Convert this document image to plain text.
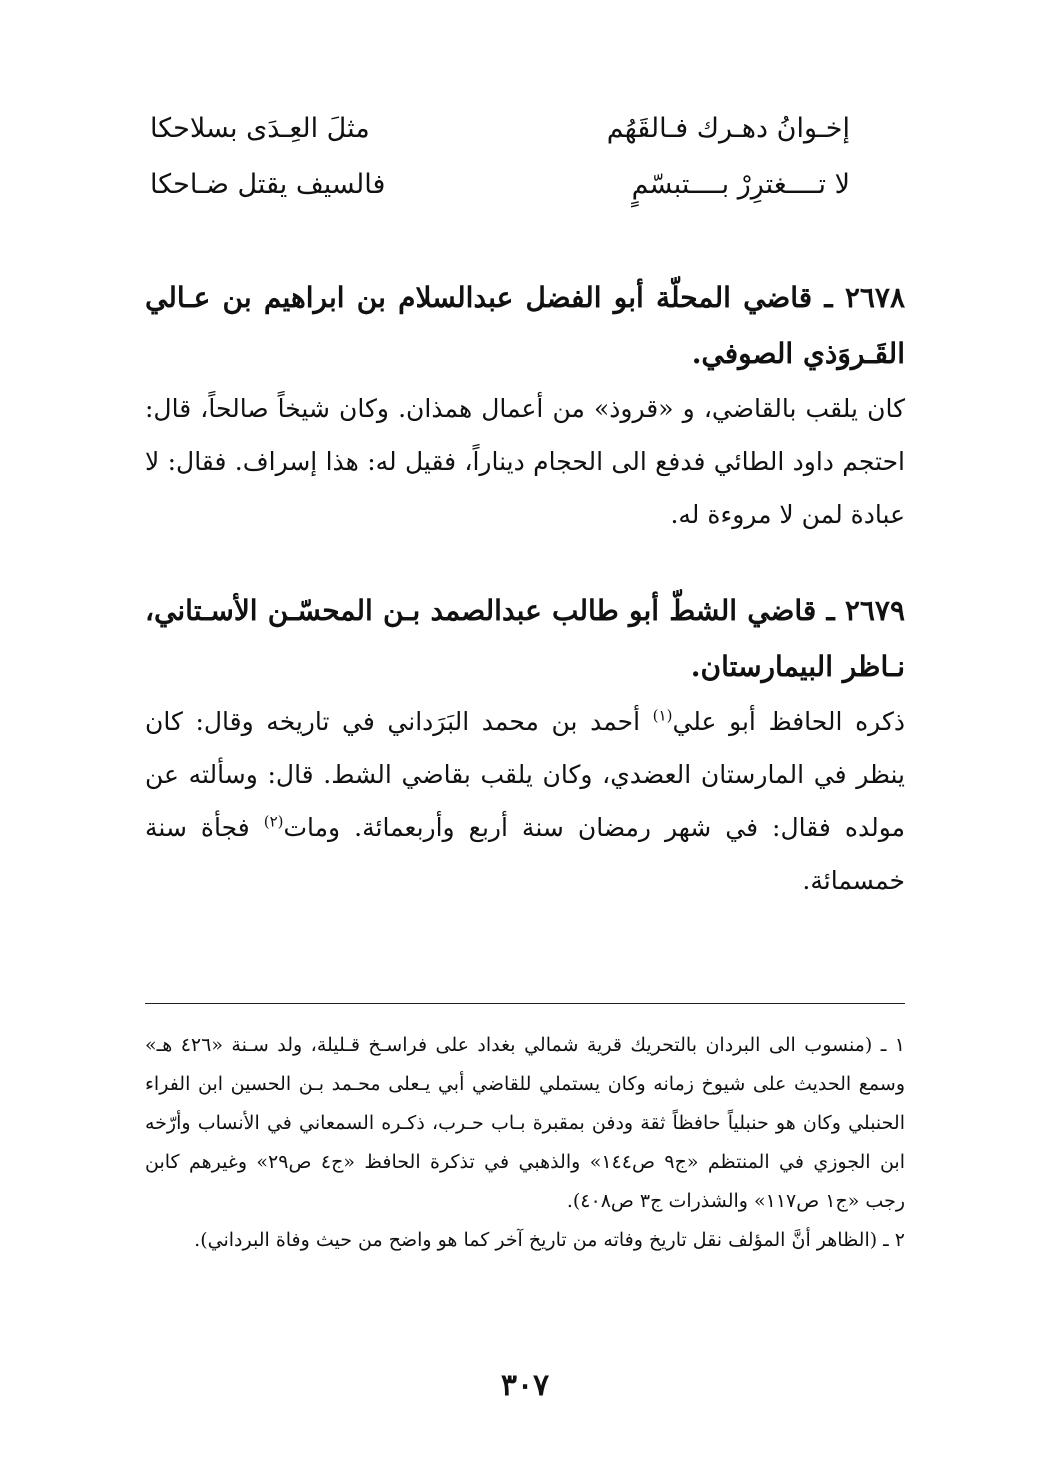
إخـوانُ دهـرك فـالقَهُم
مثلَ العِـدَى بسلاحكا
لا تــــغترِرْ بــــتبسّمٍ
فالسيف يقتل ضـاحكا

٢٦٧٨ ـ قاضي المحلّة أبو الفضل عبدالسلام بن ابراهيم بن عـالي القَـروَذي الصوفي.

كان يلقب بالقاضي، و «قروذ» من أعمال همذان. وكان شيخاً صالحاً، قال: احتجم داود الطائي فدفع الى الحجام ديناراً، فقيل له: هذا إسراف. فقال: لا عبادة لمن لا مروءة له.

٢٦٧٩ ـ قاضي الشطّ أبو طالب عبدالصمد بـن المحسّـن الأسـتاني، نـاظر البيمارستان.

ذكره الحافظ أبو علي$^{(١)}$ أحمد بن محمد البَرَداني في تاريخه وقال: كان ينظر في المارستان العضدي، وكان يلقب بقاضي الشط. قال: وسألته عن مولده فقال: في شهر رمضان سنة أربع وأربعمائة. ومات$^{(٢)}$ فجأة سنة خمسمائة.

١ ـ (منسوب الى البردان بالتحريك قرية شمالي بغداد على فراسـخ قـليلة، ولد سـنة «٤٢٦ هـ» وسمع الحديث على شيوخ زمانه وكان يستملي للقاضي أبي يـعلى محـمد بـن الحسين ابن الفراء الحنبلي وكان هو حنبلياً حافظاً ثقة ودفن بمقبرة بـاب حـرب، ذكـره السمعاني في الأنساب وأرّخه ابن الجوزي في المنتظم «ج٩ ص١٤٤» والذهبي في تذكرة الحافظ «ج٤ ص٢٩» وغيرهم كابن رجب «ج١ ص١١٧» والشذرات ج٣ ص٤٠٨).

٢ ـ (الظاهر أنَّ المؤلف نقل تاريخ وفاته من تاريخ آخر كما هو واضح من حيث وفاة البرداني).

٣٠٧
